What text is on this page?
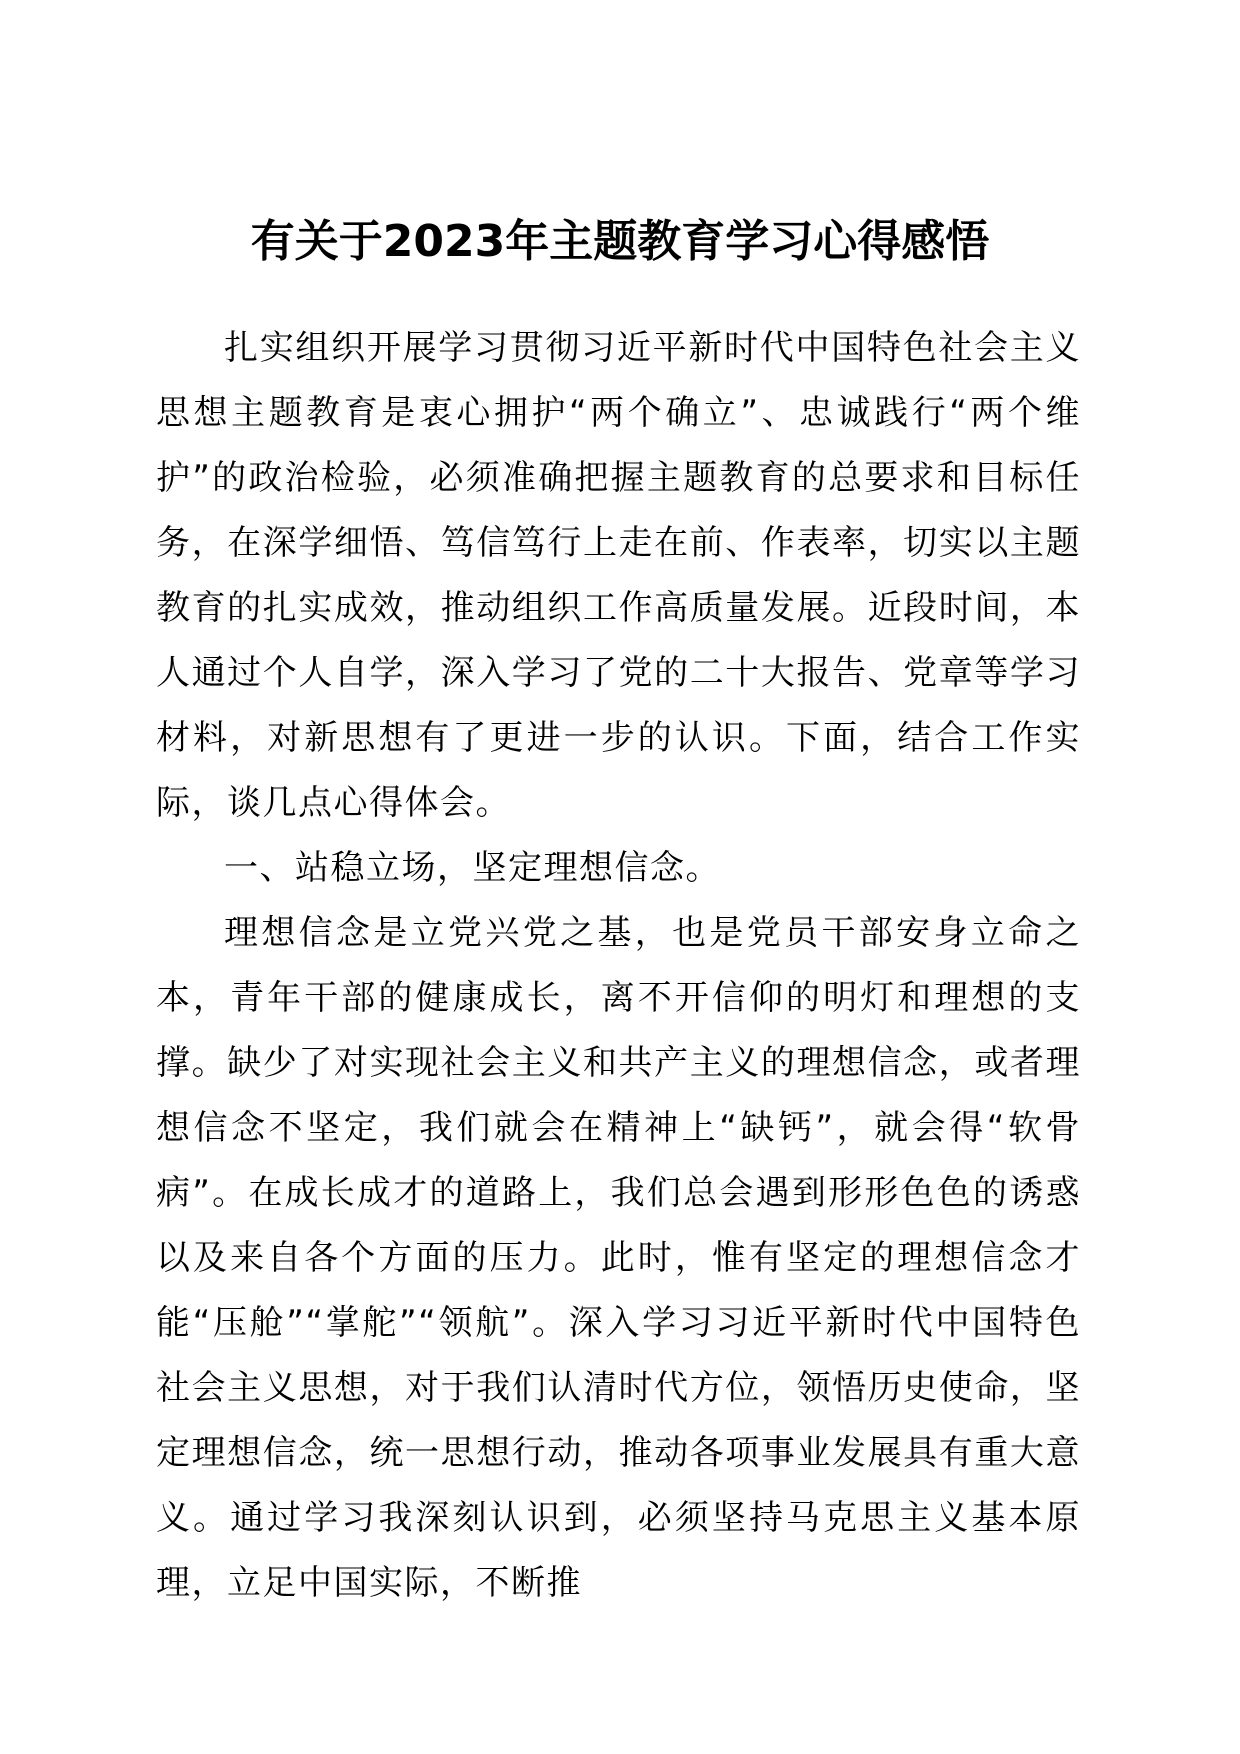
有关于2023年主题教育学习心得感悟

扎实组织开展学习贯彻习近平新时代中国特色社会主义思想主题教育是衷心拥护“两个确立”、忠诚践行“两个维护”的政治检验，必须准确把握主题教育的总要求和目标任务，在深学细悟、笃信笃行上走在前、作表率，切实以主题教育的扎实成效，推动组织工作高质量发展。近段时间，本人通过个人自学，深入学习了党的二十大报告、党章等学习材料，对新思想有了更进一步的认识。下面，结合工作实际，谈几点心得体会。

一、站稳立场，坚定理想信念。

理想信念是立党兴党之基，也是党员干部安身立命之本，青年干部的健康成长，离不开信仰的明灯和理想的支撑。缺少了对实现社会主义和共产主义的理想信念，或者理想信念不坚定，我们就会在精神上“缺钙”，就会得“软骨病”。在成长成才的道路上，我们总会遇到形形色色的诱惑以及来自各个方面的压力。此时，惟有坚定的理想信念才能“压舱”“掌舵”“领航”。深入学习习近平新时代中国特色社会主义思想，对于我们认清时代方位，领悟历史使命，坚定理想信念，统一思想行动，推动各项事业发展具有重大意义。通过学习我深刻认识到，必须坚持马克思主义基本原理，立足中国实际，不断推
